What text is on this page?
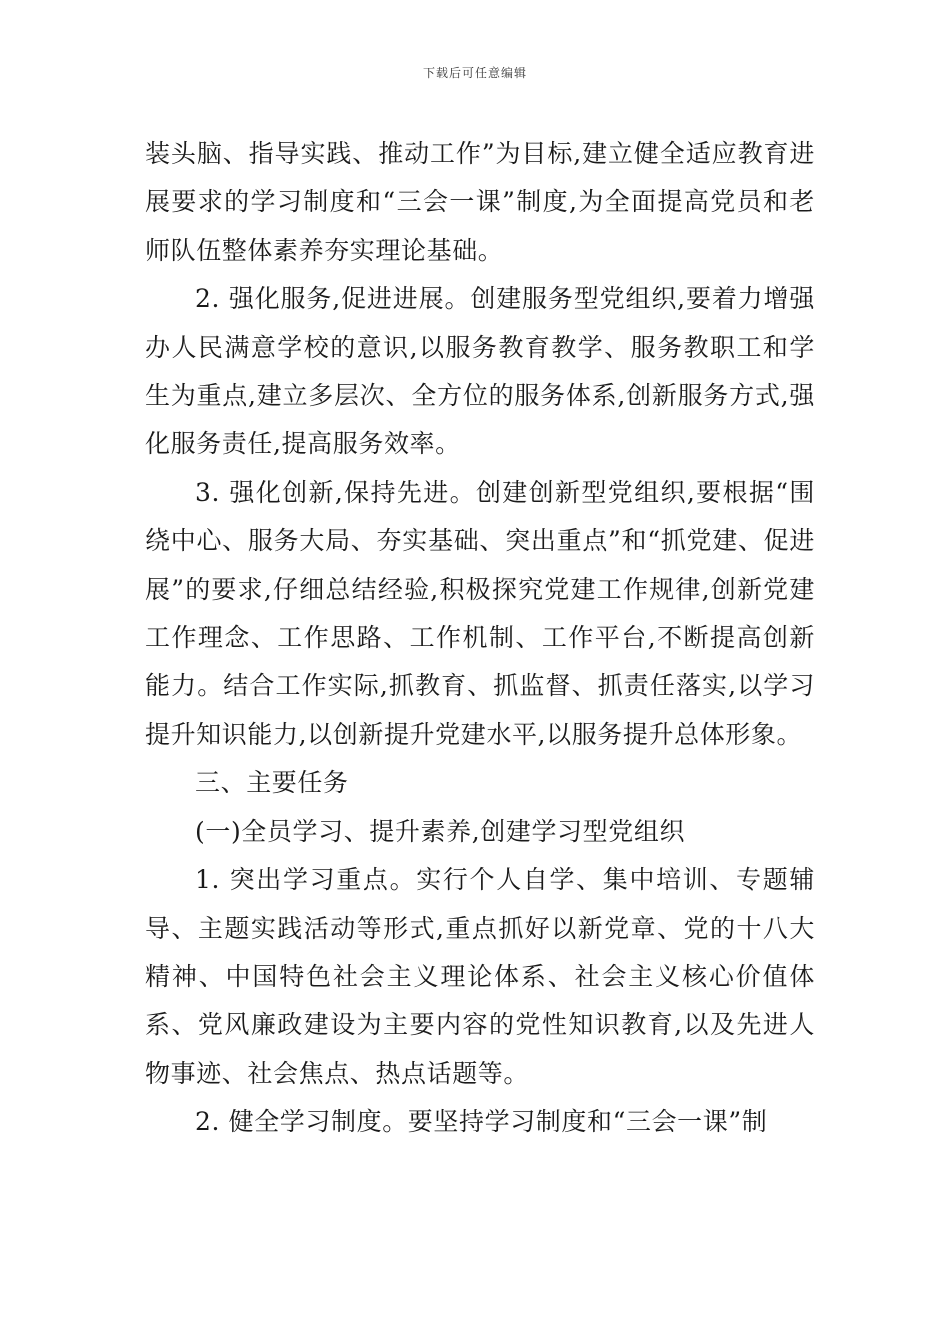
下载后可任意编辑

装头脑、指导实践、推动工作”为目标,建立健全适应教育进展要求的学习制度和“三会一课”制度,为全面提高党员和老师队伍整体素养夯实理论基础。

2. 强化服务,促进进展。创建服务型党组织,要着力增强办人民满意学校的意识,以服务教育教学、服务教职工和学生为重点,建立多层次、全方位的服务体系,创新服务方式,强化服务责任,提高服务效率。

3. 强化创新,保持先进。创建创新型党组织,要根据“围绕中心、服务大局、夯实基础、突出重点”和“抓党建、促进展”的要求,仔细总结经验,积极探究党建工作规律,创新党建工作理念、工作思路、工作机制、工作平台,不断提高创新能力。结合工作实际,抓教育、抓监督、抓责任落实,以学习提升知识能力,以创新提升党建水平,以服务提升总体形象。

三、主要任务

(一)全员学习、提升素养,创建学习型党组织

1. 突出学习重点。实行个人自学、集中培训、专题辅导、主题实践活动等形式,重点抓好以新党章、党的十八大精神、中国特色社会主义理论体系、社会主义核心价值体系、党风廉政建设为主要内容的党性知识教育,以及先进人物事迹、社会焦点、热点话题等。

2. 健全学习制度。要坚持学习制度和“三会一课”制
